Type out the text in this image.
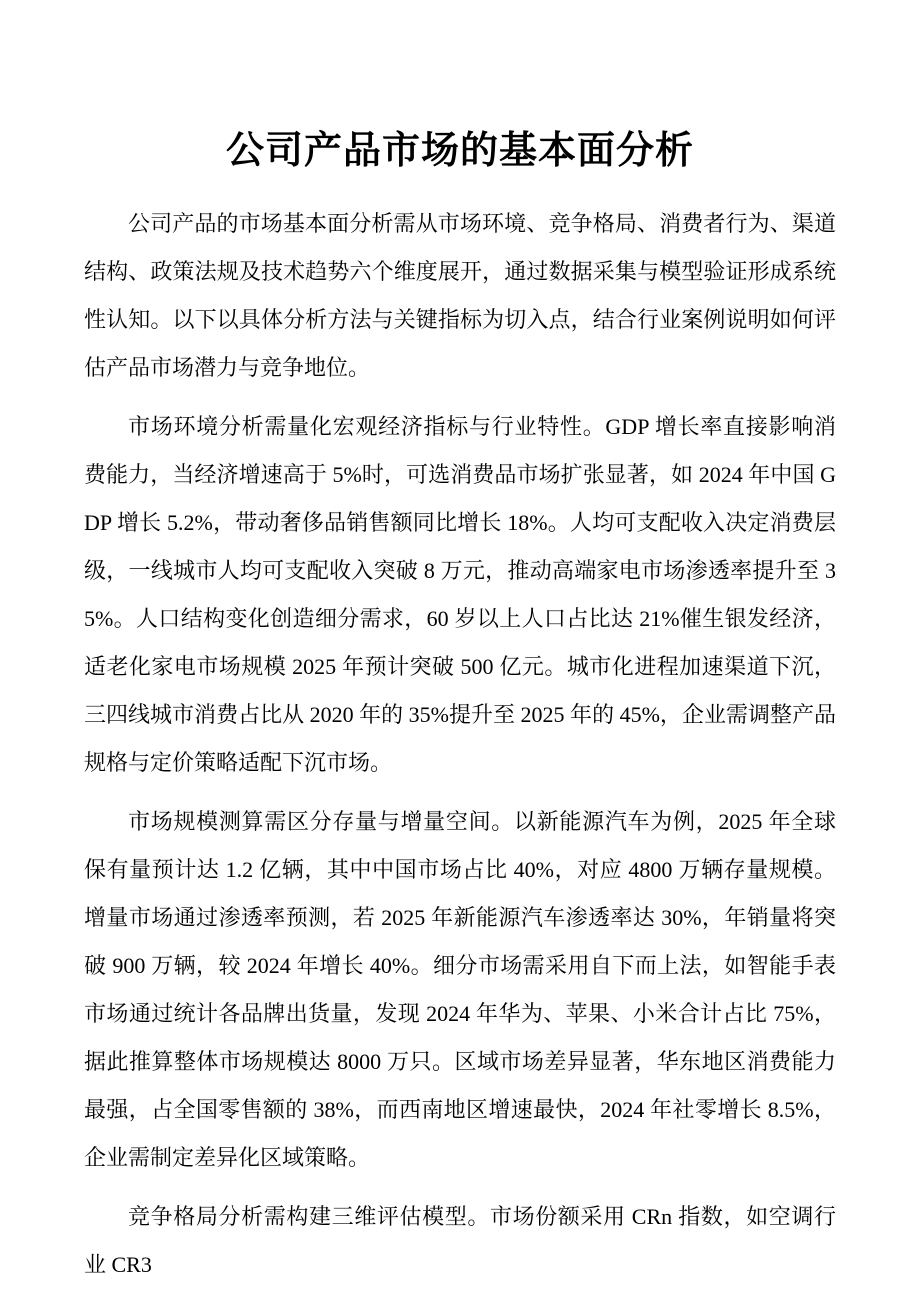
公司产品市场的基本面分析

公司产品的市场基本面分析需从市场环境、竞争格局、消费者行为、渠道结构、政策法规及技术趋势六个维度展开，通过数据采集与模型验证形成系统性认知。以下以具体分析方法与关键指标为切入点，结合行业案例说明如何评估产品市场潜力与竞争地位。

市场环境分析需量化宏观经济指标与行业特性。GDP 增长率直接影响消费能力，当经济增速高于 5%时，可选消费品市场扩张显著，如 2024 年中国 GDP 增长 5.2%，带动奢侈品销售额同比增长 18%。人均可支配收入决定消费层级，一线城市人均可支配收入突破 8 万元，推动高端家电市场渗透率提升至 35%。人口结构变化创造细分需求，60 岁以上人口占比达 21%催生银发经济，适老化家电市场规模 2025 年预计突破 500 亿元。城市化进程加速渠道下沉，三四线城市消费占比从 2020 年的 35%提升至 2025 年的 45%，企业需调整产品规格与定价策略适配下沉市场。

市场规模测算需区分存量与增量空间。以新能源汽车为例，2025 年全球保有量预计达 1.2 亿辆，其中中国市场占比 40%，对应 4800 万辆存量规模。增量市场通过渗透率预测，若 2025 年新能源汽车渗透率达 30%，年销量将突破 900 万辆，较 2024 年增长 40%。细分市场需采用自下而上法，如智能手表市场通过统计各品牌出货量，发现 2024 年华为、苹果、小米合计占比 75%，据此推算整体市场规模达 8000 万只。区域市场差异显著，华东地区消费能力最强，占全国零售额的 38%，而西南地区增速最快，2024 年社零增长 8.5%，企业需制定差异化区域策略。

竞争格局分析需构建三维评估模型。市场份额采用 CRn 指数，如空调行业 CR3
